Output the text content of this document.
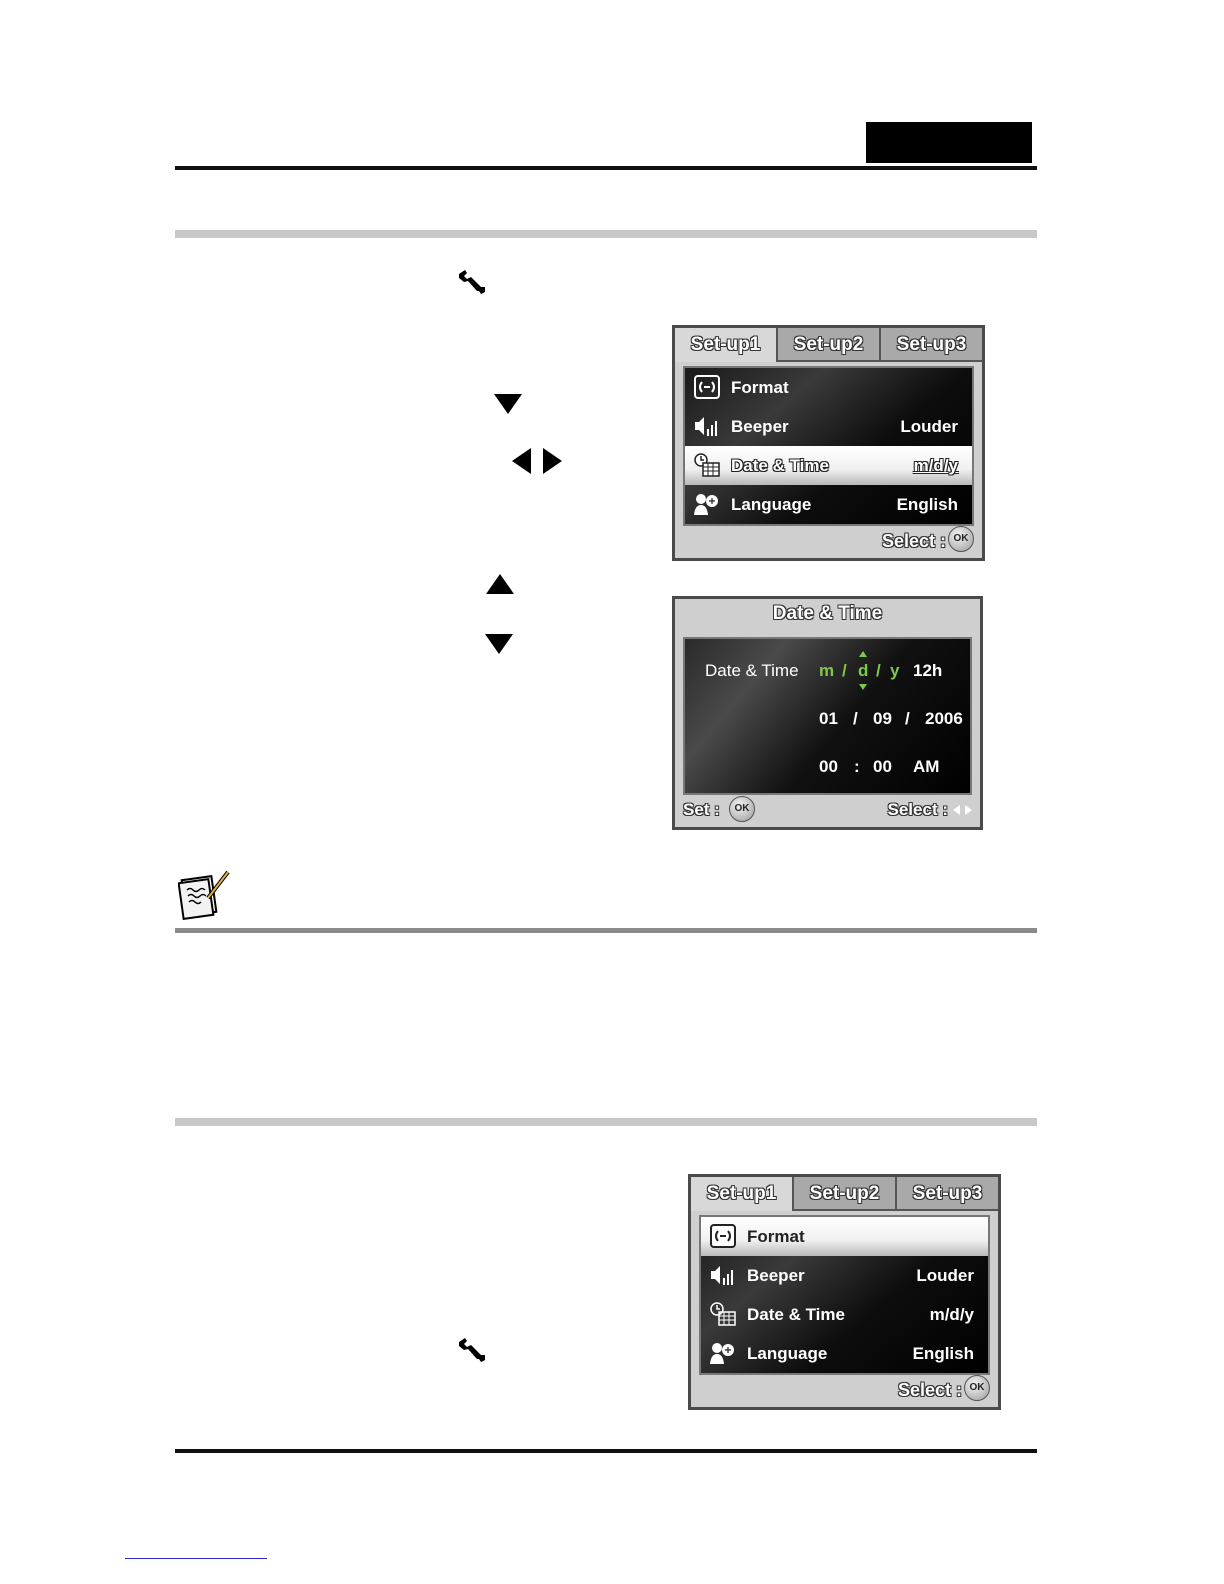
Set-up1	Set-up2	Set-up3
Format
Beeper	Louder
Date & Time	m/d/y
Language	English
Select : OK
Date & Time
Date & Time m / d / y 12h
01 / 09 / 2006
00 : 00 AM
Set :	OK	Select :
Set-up1	Set-up2	Set-up3
Format
Beeper	Louder
Date & Time	m/d/y
Language	English
Select : OK
